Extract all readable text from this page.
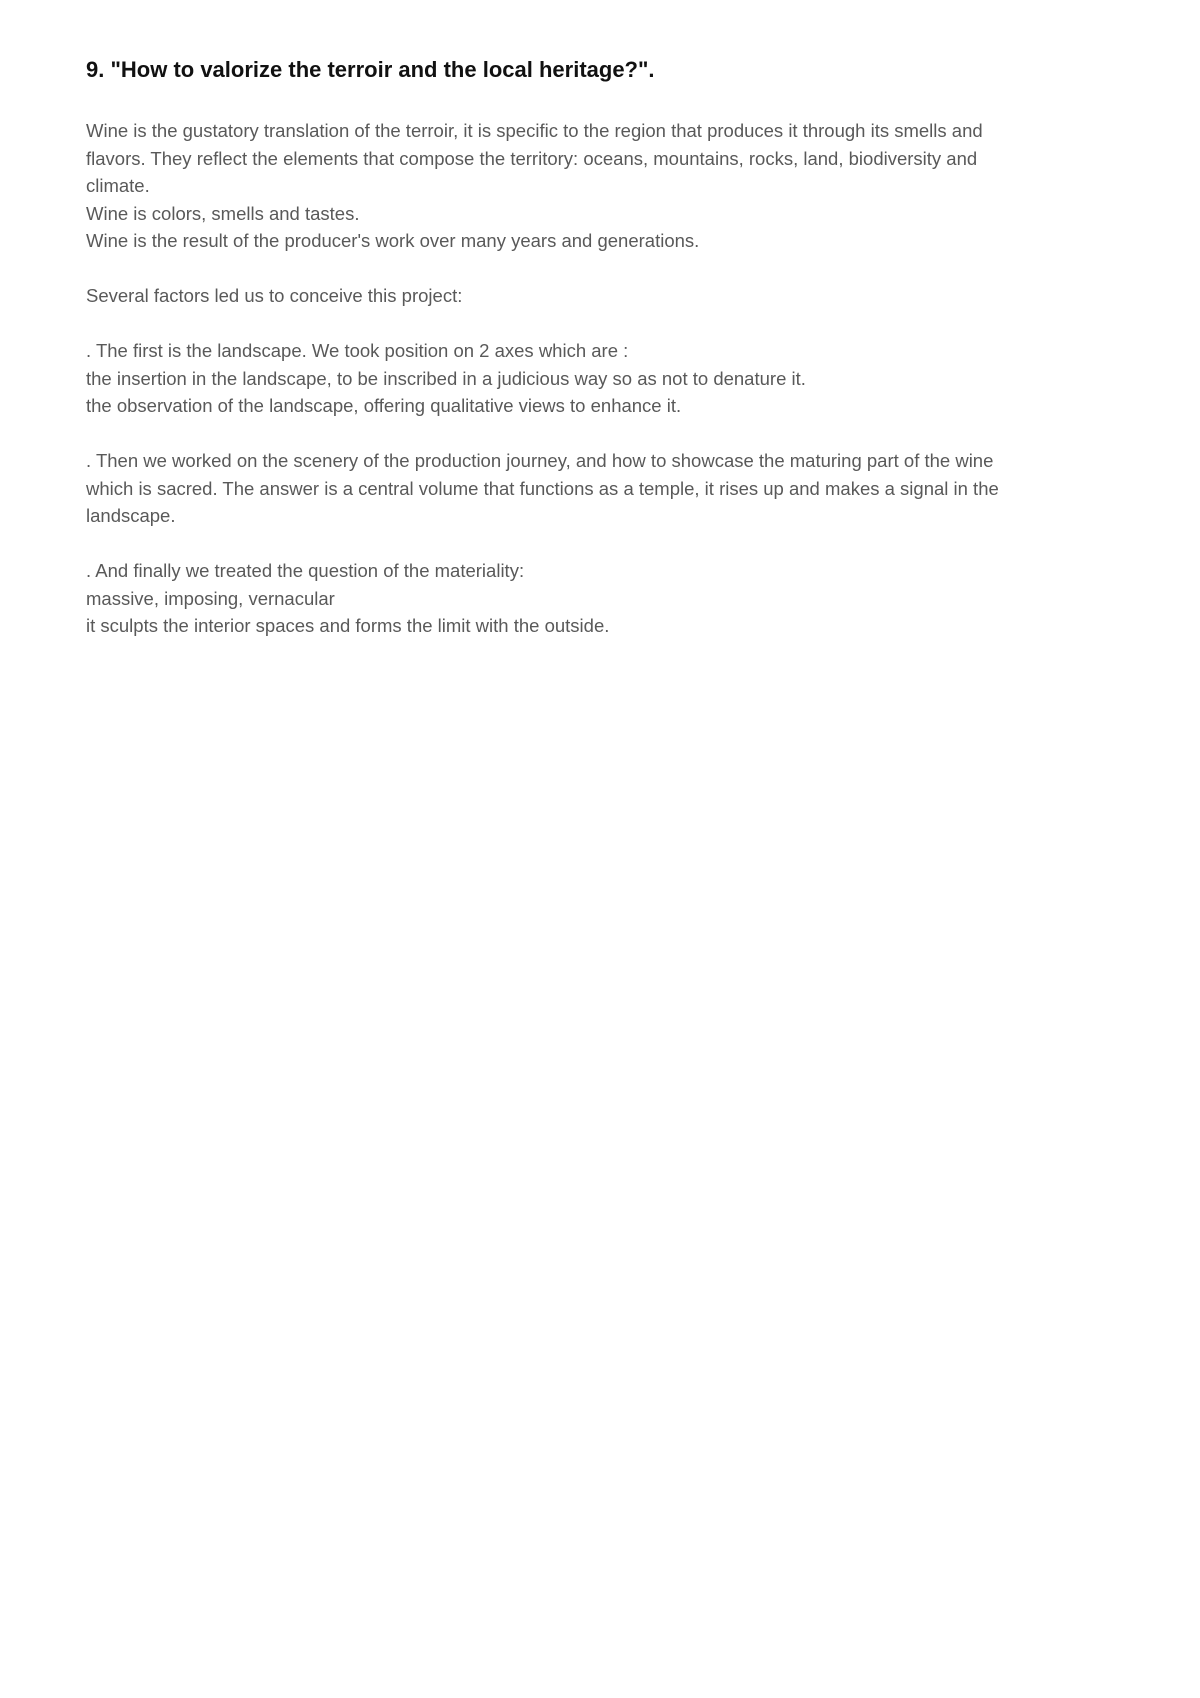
9. "How to valorize the terroir and the local heritage?".

Wine is the gustatory translation of the terroir, it is specific to the region that produces it through its smells and

flavors. They reflect the elements that compose the territory: oceans, mountains, rocks, land, biodiversity and

climate.

Wine is colors, smells and tastes.

Wine is the result of the producer's work over many years and generations.

Several factors led us to conceive this project:

. The first is the landscape. We took position on 2 axes which are :

the insertion in the landscape, to be inscribed in a judicious way so as not to denature it.

the observation of the landscape, offering qualitative views to enhance it.

. Then we worked on the scenery of the production journey, and how to showcase the maturing part of the wine

which is sacred. The answer is a central volume that functions as a temple, it rises up and makes a signal in the

landscape.

. And finally we treated the question of the materiality:

massive, imposing, vernacular

it sculpts the interior spaces and forms the limit with the outside.
